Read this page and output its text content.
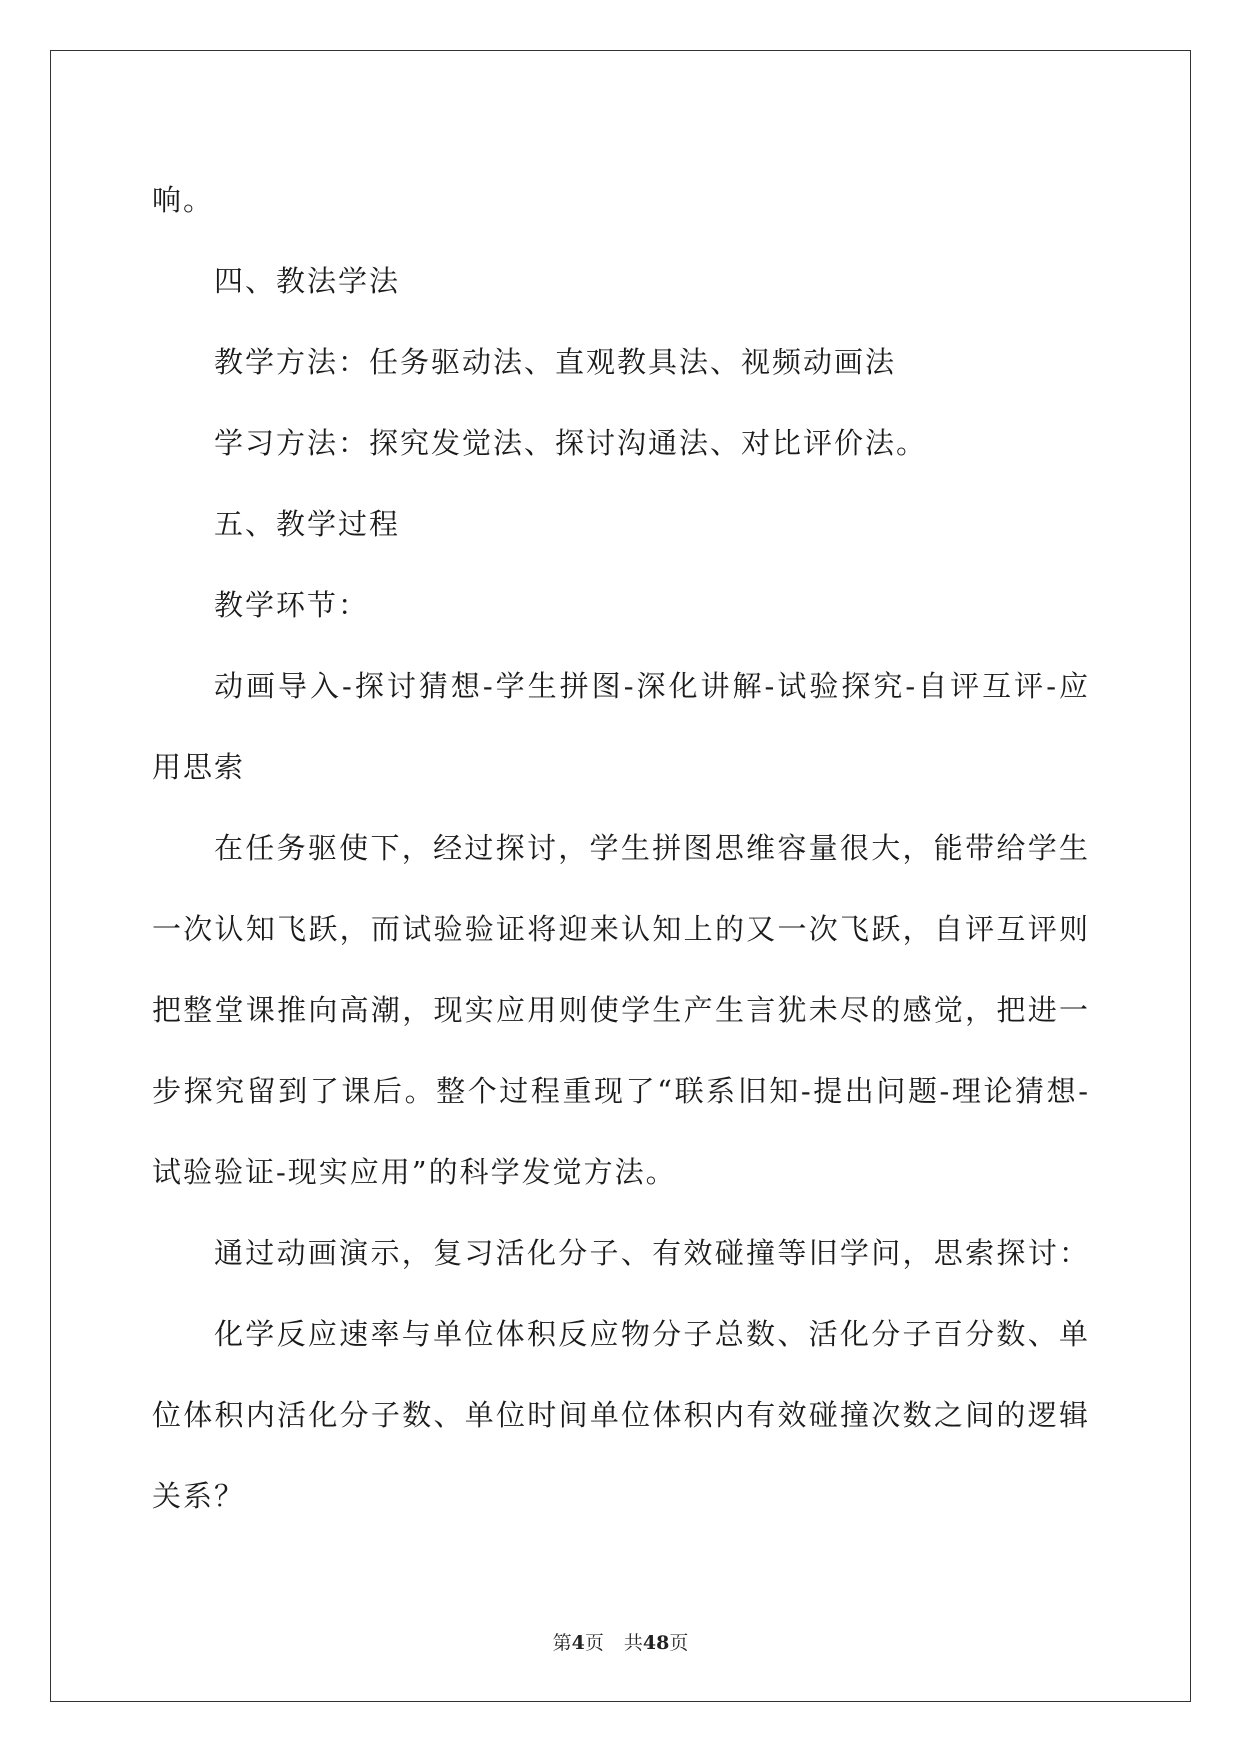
响。
四、教法学法
教学方法：任务驱动法、直观教具法、视频动画法
学习方法：探究发觉法、探讨沟通法、对比评价法。
五、教学过程
教学环节：
动画导入-探讨猜想-学生拼图-深化讲解-试验探究-自评互评-应
用思索
在任务驱使下，经过探讨，学生拼图思维容量很大，能带给学生
一次认知飞跃，而试验验证将迎来认知上的又一次飞跃，自评互评则
把整堂课推向高潮，现实应用则使学生产生言犹未尽的感觉，把进一
步探究留到了课后。整个过程重现了“联系旧知-提出问题-理论猜想-
试验验证-现实应用”的科学发觉方法。
通过动画演示，复习活化分子、有效碰撞等旧学问，思索探讨：
化学反应速率与单位体积反应物分子总数、活化分子百分数、单
位体积内活化分子数、单位时间单位体积内有效碰撞次数之间的逻辑
关系？
第4页 共48页
